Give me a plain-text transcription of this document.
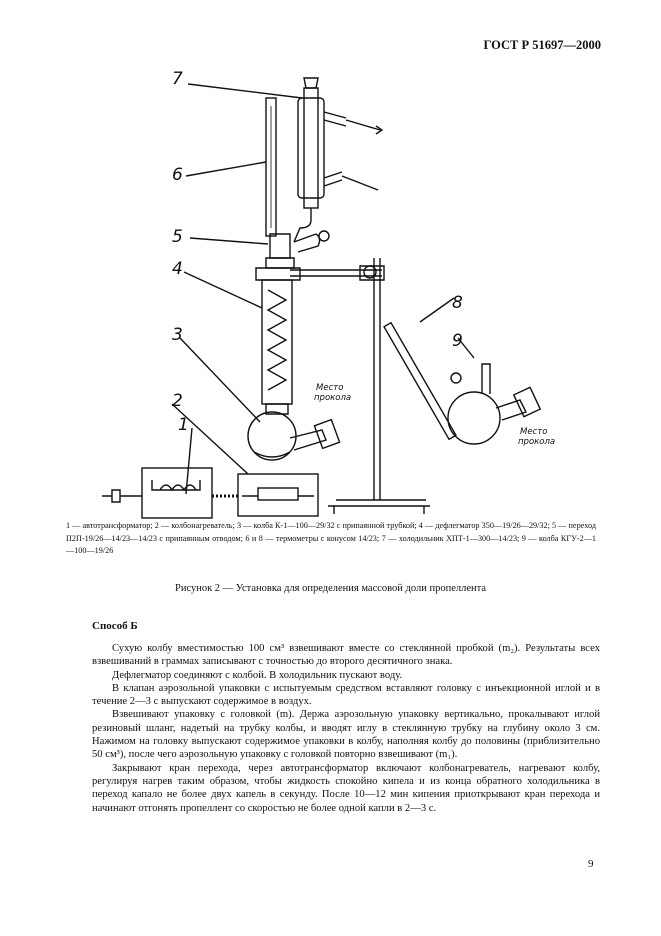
ГОСТ Р 51697—2000
7
6
5
4
3
2
1
8
9
Место
прокола
Место
прокола
1 — автотрансформатор; 2 — колбонагреватель; 3 — колба К-1—100—29/32 с припаянной трубкой; 4 — дефлегматор 350—19/26—29/32; 5 — переход П2П-19/26—14/23—14/23 с припаянным отводом; 6 и 8 — термометры с конусом 14/23; 7 — холодильник ХПТ-1—300—14/23; 9 — колба КГУ-2—1—100—19/26
Рисунок 2 — Установка для определения массовой доли пропеллента
Способ Б

Сухую колбу вместимостью 100 см³ взвешивают вместе со стеклянной пробкой (m₂). Результаты всех взвешиваний в граммах записывают с точностью до второго десятичного знака.

Дефлегматор соединяют с колбой. В холодильник пускают воду.

В клапан аэрозольной упаковки с испытуемым средством вставляют головку с инъекционной иглой и в течение 2—3 с выпускают содержимое в воздух.

Взвешивают упаковку с головкой (m). Держа аэрозольную упаковку вертикально, прокалывают иглой резиновый шланг, надетый на трубку колбы, и вводят иглу в стеклянную трубку на глубину около 3 см. Нажимом на головку выпускают содержимое упаковки в колбу, наполняя колбу до половины (приблизительно 50 см³), после чего аэрозольную упаковку с головкой повторно взвешивают (m₁).

Закрывают кран перехода, через автотрансформатор включают колбонагреватель, нагревают колбу, регулируя нагрев таким образом, чтобы жидкость спокойно кипела и из конца обратного холодильника в переход капало не более двух капель в секунду. После 10—12 мин кипения приоткрывают кран перехода и начинают отгонять пропеллент со скоростью не более одной капли в 2—3 с.

9
